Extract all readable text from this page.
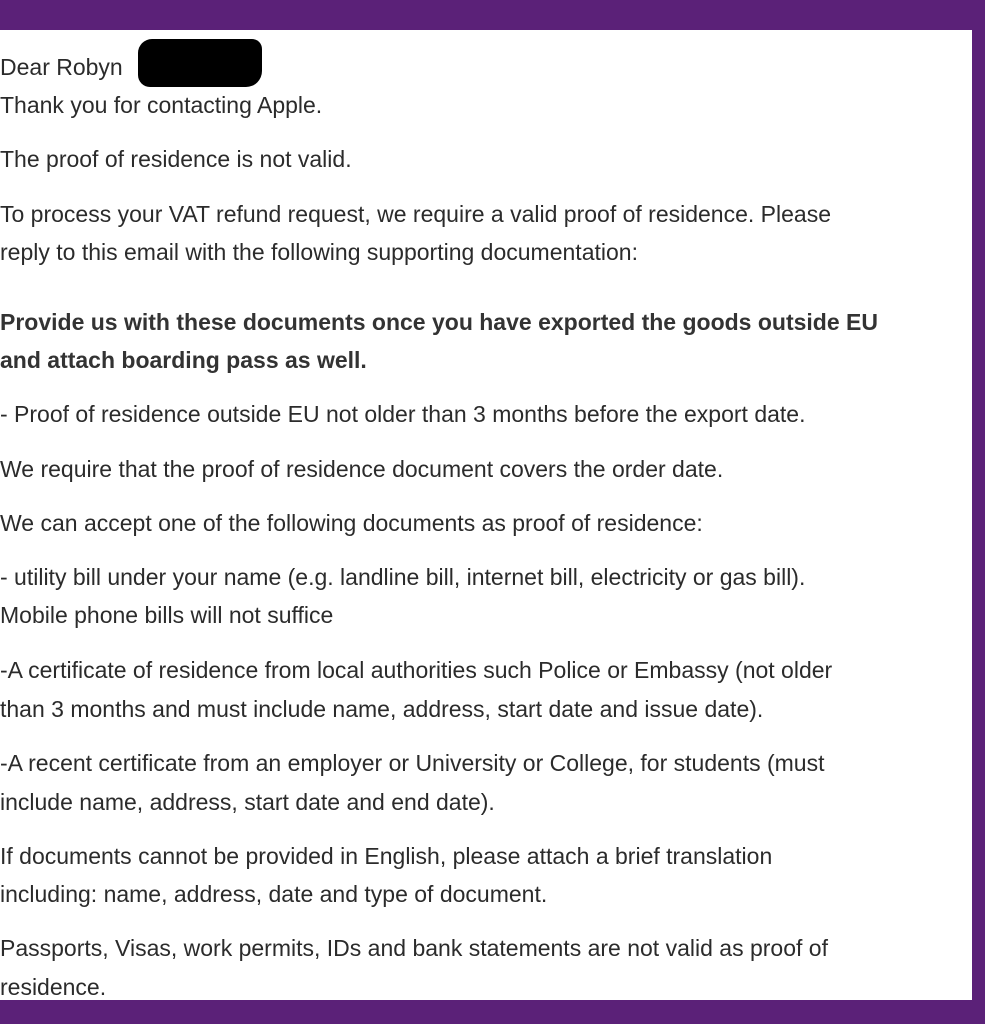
Dear Robyn
Thank you for contacting Apple.
The proof of residence is not valid.
To process your VAT refund request, we require a valid proof of residence. Please
reply to this email with the following supporting documentation:
Provide us with these documents once you have exported the goods outside EU
and attach boarding pass as well.
- Proof of residence outside EU not older than 3 months before the export date.
We require that the proof of residence document covers the order date.
We can accept one of the following documents as proof of residence:
- utility bill under your name (e.g. landline bill, internet bill, electricity or gas bill).
Mobile phone bills will not suffice
-A certificate of residence from local authorities such Police or Embassy (not older
than 3 months and must include name, address, start date and issue date).
-A recent certificate from an employer or University or College, for students (must
include name, address, start date and end date).
If documents cannot be provided in English, please attach a brief translation
including: name, address, date and type of document.
Passports, Visas, work permits, IDs and bank statements are not valid as proof of
residence.
